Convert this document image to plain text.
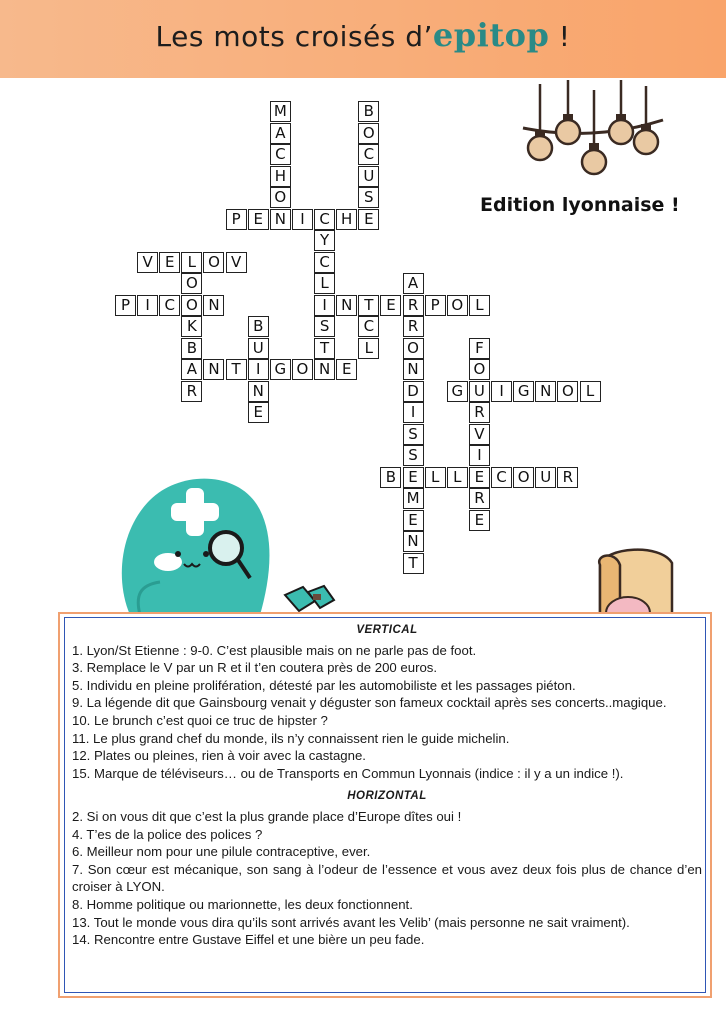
Les mots croisés d’epitop !
Edition lyonnaise !
M
A
C
H
O
B
O
C
U
S
E
P E N I C H
Y
C
L
I
S
T
N
V E L O V
O
O
K
B
A
R
A
R
R
O
N
D
I
S
S
E
M
E
N
T
P	I C	N	N T E	P O L
C
L
B
U
I
N
E
F
O
U
R
V
I
E
R
E
N T	G O	E
G	I G N O L
B	L L	C O U R
VERTICAL
1. Lyon/St Etienne : 9-0. C’est plausible mais on ne parle pas de foot.
3. Remplace le V par un R et il t’en coutera près de 200 euros.
5. Individu en pleine prolifération, détesté par les automobiliste et les passages piéton.
9. La légende dit que Gainsbourg venait y déguster son fameux cocktail après ses concerts..magique.
10. Le brunch c’est quoi ce truc de hipster ?
11. Le plus grand chef du monde, ils n’y connaissent rien le guide michelin.
12. Plates ou pleines, rien à voir avec la castagne.
15. Marque de téléviseurs… ou de Transports en Commun Lyonnais (indice : il y a un indice !).
HORIZONTAL
2. Si on vous dit que c’est la plus grande place d’Europe dîtes oui !
4. T’es de la police des polices ?
6. Meilleur nom pour une pilule contraceptive, ever.
7. Son cœur est mécanique, son sang à l’odeur de l’essence et vous avez deux fois plus de chance d’en croiser à LYON.
8. Homme politique ou marionnette, les deux fonctionnent.
13. Tout le monde vous dira qu’ils sont arrivés avant les Velib’ (mais personne ne sait vraiment).
14. Rencontre entre Gustave Eiffel et une bière un peu fade.
